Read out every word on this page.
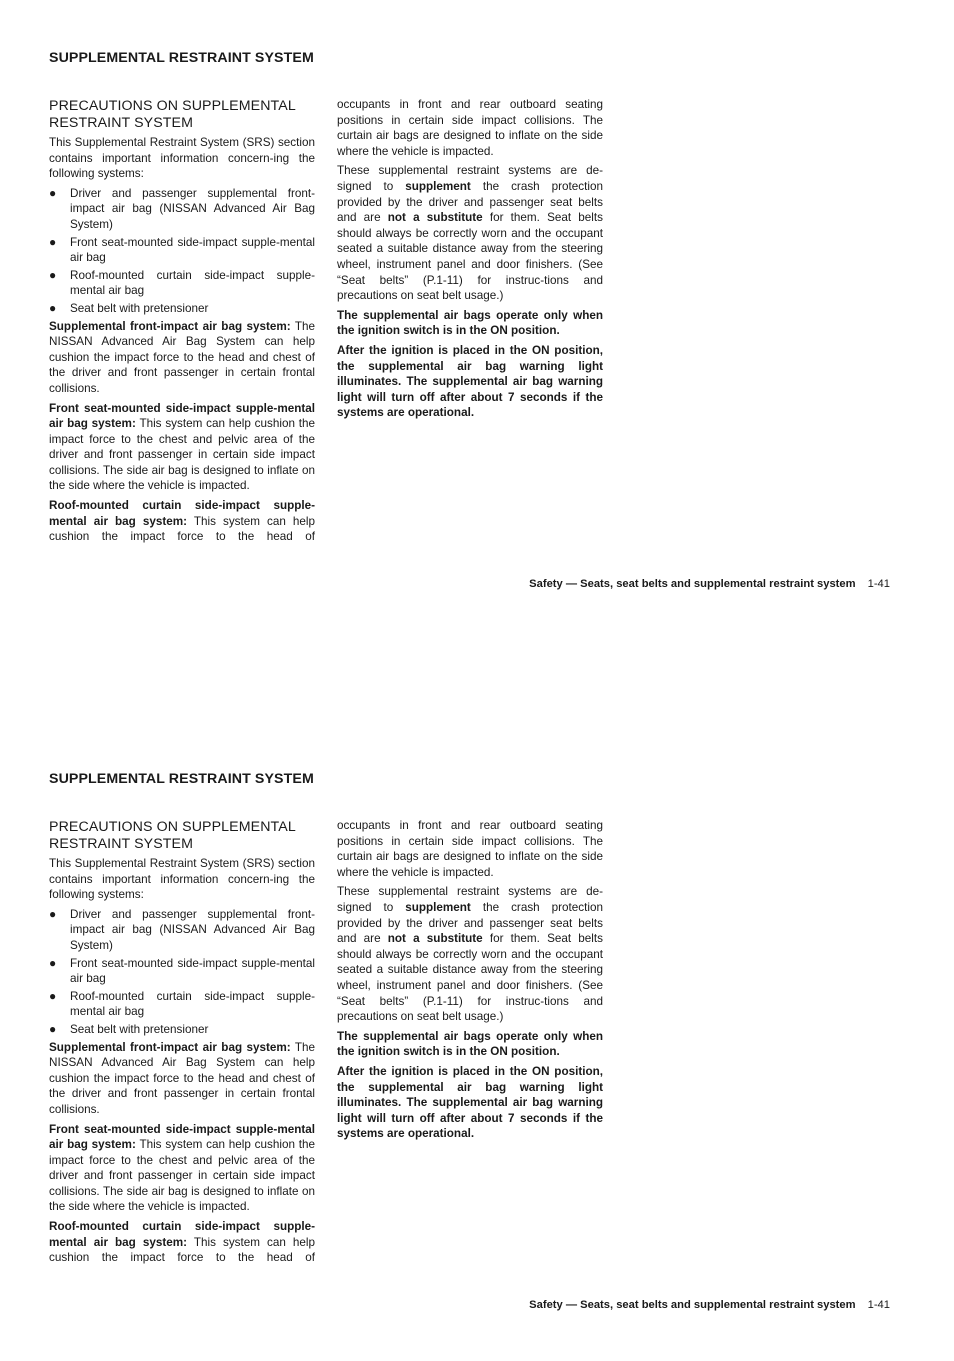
SUPPLEMENTAL RESTRAINT SYSTEM
PRECAUTIONS ON SUPPLEMENTAL RESTRAINT SYSTEM

This Supplemental Restraint System (SRS) section contains important information concern-ing the following systems:

● Driver and passenger supplemental front-impact air bag (NISSAN Advanced Air Bag System)
● Front seat-mounted side-impact supple-mental air bag
● Roof-mounted curtain side-impact supple-mental air bag
● Seat belt with pretensioner

Supplemental front-impact air bag system: The NISSAN Advanced Air Bag System can help cushion the impact force to the head and chest of the driver and front passenger in certain frontal collisions.

Front seat-mounted side-impact supple-mental air bag system: This system can help cushion the impact force to the chest and pelvic area of the driver and front passenger in certain side impact collisions. The side air bag is designed to inflate on the side where the vehicle is impacted.

Roof-mounted curtain side-impact supple-mental air bag system: This system can help cushion the impact force to the head of

occupants in front and rear outboard seating positions in certain side impact collisions. The curtain air bags are designed to inflate on the side where the vehicle is impacted.

These supplemental restraint systems are de-signed to supplement the crash protection provided by the driver and passenger seat belts and are not a substitute for them. Seat belts should always be correctly worn and the occupant seated a suitable distance away from the steering wheel, instrument panel and door finishers. (See “Seat belts” (P.1-11) for instruc-tions and precautions on seat belt usage.)

The supplemental air bags operate only when the ignition switch is in the ON position.

After the ignition is placed in the ON position, the supplemental air bag warning light illuminates. The supplemental air bag warning light will turn off after about 7 seconds if the systems are operational.

Safety — Seats, seat belts and supplemental restraint system 1-41
SUPPLEMENTAL RESTRAINT SYSTEM
PRECAUTIONS ON SUPPLEMENTAL RESTRAINT SYSTEM

This Supplemental Restraint System (SRS) section contains important information concern-ing the following systems:

● Driver and passenger supplemental front-impact air bag (NISSAN Advanced Air Bag System)
● Front seat-mounted side-impact supple-mental air bag
● Roof-mounted curtain side-impact supple-mental air bag
● Seat belt with pretensioner

Supplemental front-impact air bag system: The NISSAN Advanced Air Bag System can help cushion the impact force to the head and chest of the driver and front passenger in certain frontal collisions.

Front seat-mounted side-impact supple-mental air bag system: This system can help cushion the impact force to the chest and pelvic area of the driver and front passenger in certain side impact collisions. The side air bag is designed to inflate on the side where the vehicle is impacted.

Roof-mounted curtain side-impact supple-mental air bag system: This system can help cushion the impact force to the head of

occupants in front and rear outboard seating positions in certain side impact collisions. The curtain air bags are designed to inflate on the side where the vehicle is impacted.

These supplemental restraint systems are de-signed to supplement the crash protection provided by the driver and passenger seat belts and are not a substitute for them. Seat belts should always be correctly worn and the occupant seated a suitable distance away from the steering wheel, instrument panel and door finishers. (See “Seat belts” (P.1-11) for instruc-tions and precautions on seat belt usage.)

The supplemental air bags operate only when the ignition switch is in the ON position.

After the ignition is placed in the ON position, the supplemental air bag warning light illuminates. The supplemental air bag warning light will turn off after about 7 seconds if the systems are operational.

Safety — Seats, seat belts and supplemental restraint system 1-41
